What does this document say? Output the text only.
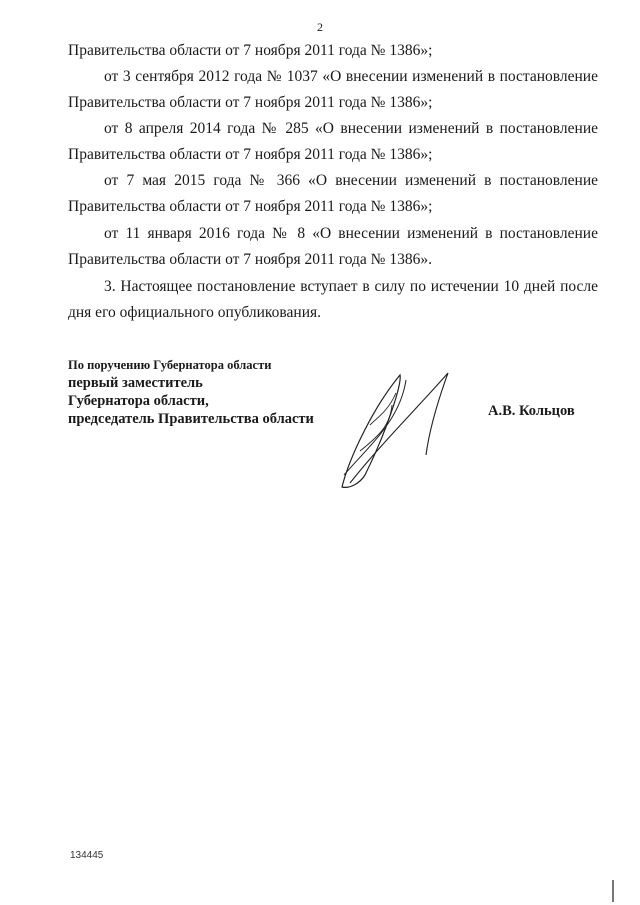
2
Правительства области от 7 ноября 2011 года № 1386»;
от 3 сентября 2012 года № 1037 «О внесении изменений в постановление
Правительства области от 7 ноября 2011 года № 1386»;
от 8 апреля 2014 года № 285 «О внесении изменений в постановление
Правительства области от 7 ноября 2011 года № 1386»;
от 7 мая 2015 года № 366 «О внесении изменений в постановление
Правительства области от 7 ноября 2011 года № 1386»;
от 11 января 2016 года № 8 «О внесении изменений в постановление
Правительства области от 7 ноября 2011 года № 1386».
3. Настоящее постановление вступает в силу по истечении 10 дней после
дня его официального опубликования.
По поручению Губернатора области
первый заместитель
Губернатора области,
председатель Правительства области	А.В. Кольцов
134445
